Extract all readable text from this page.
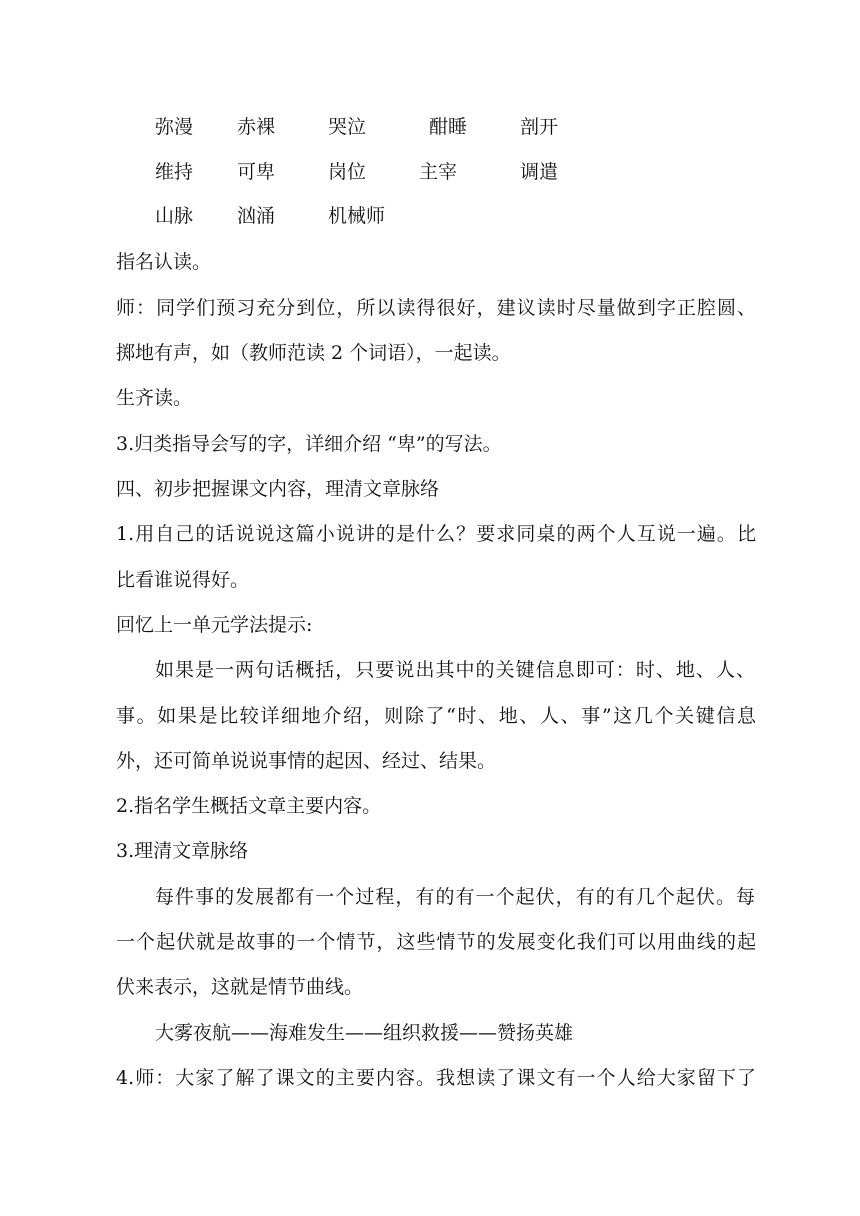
弥漫 赤裸	哭泣	酣睡	剖开
维持 可卑	岗位	主宰	调遣
山脉 汹涌	机械师
指名认读。
师：同学们预习充分到位，所以读得很好，建议读时尽量做到字正腔圆、
掷地有声，如（教师范读 2 个词语），一起读。
生齐读。
3.归类指导会写的字，详细介绍 “卑”的写法。
四、初步把握课文内容，理清文章脉络
1.用自己的话说说这篇小说讲的是什么？要求同桌的两个人互说一遍。比
比看谁说得好。
回忆上一单元学法提示:
如果是一两句话概括，只要说出其中的关键信息即可：时、地、人、
事。如果是比较详细地介绍，则除了“时、地、人、事”这几个关键信息
外，还可简单说说事情的起因、经过、结果。
2.指名学生概括文章主要内容。
3.理清文章脉络
每件事的发展都有一个过程，有的有一个起伏，有的有几个起伏。每
一个起伏就是故事的一个情节，这些情节的发展变化我们可以用曲线的起
伏来表示，这就是情节曲线。
大雾夜航——海难发生——组织救援——赞扬英雄
4.师：大家了解了课文的主要内容。我想读了课文有一个人给大家留下了
